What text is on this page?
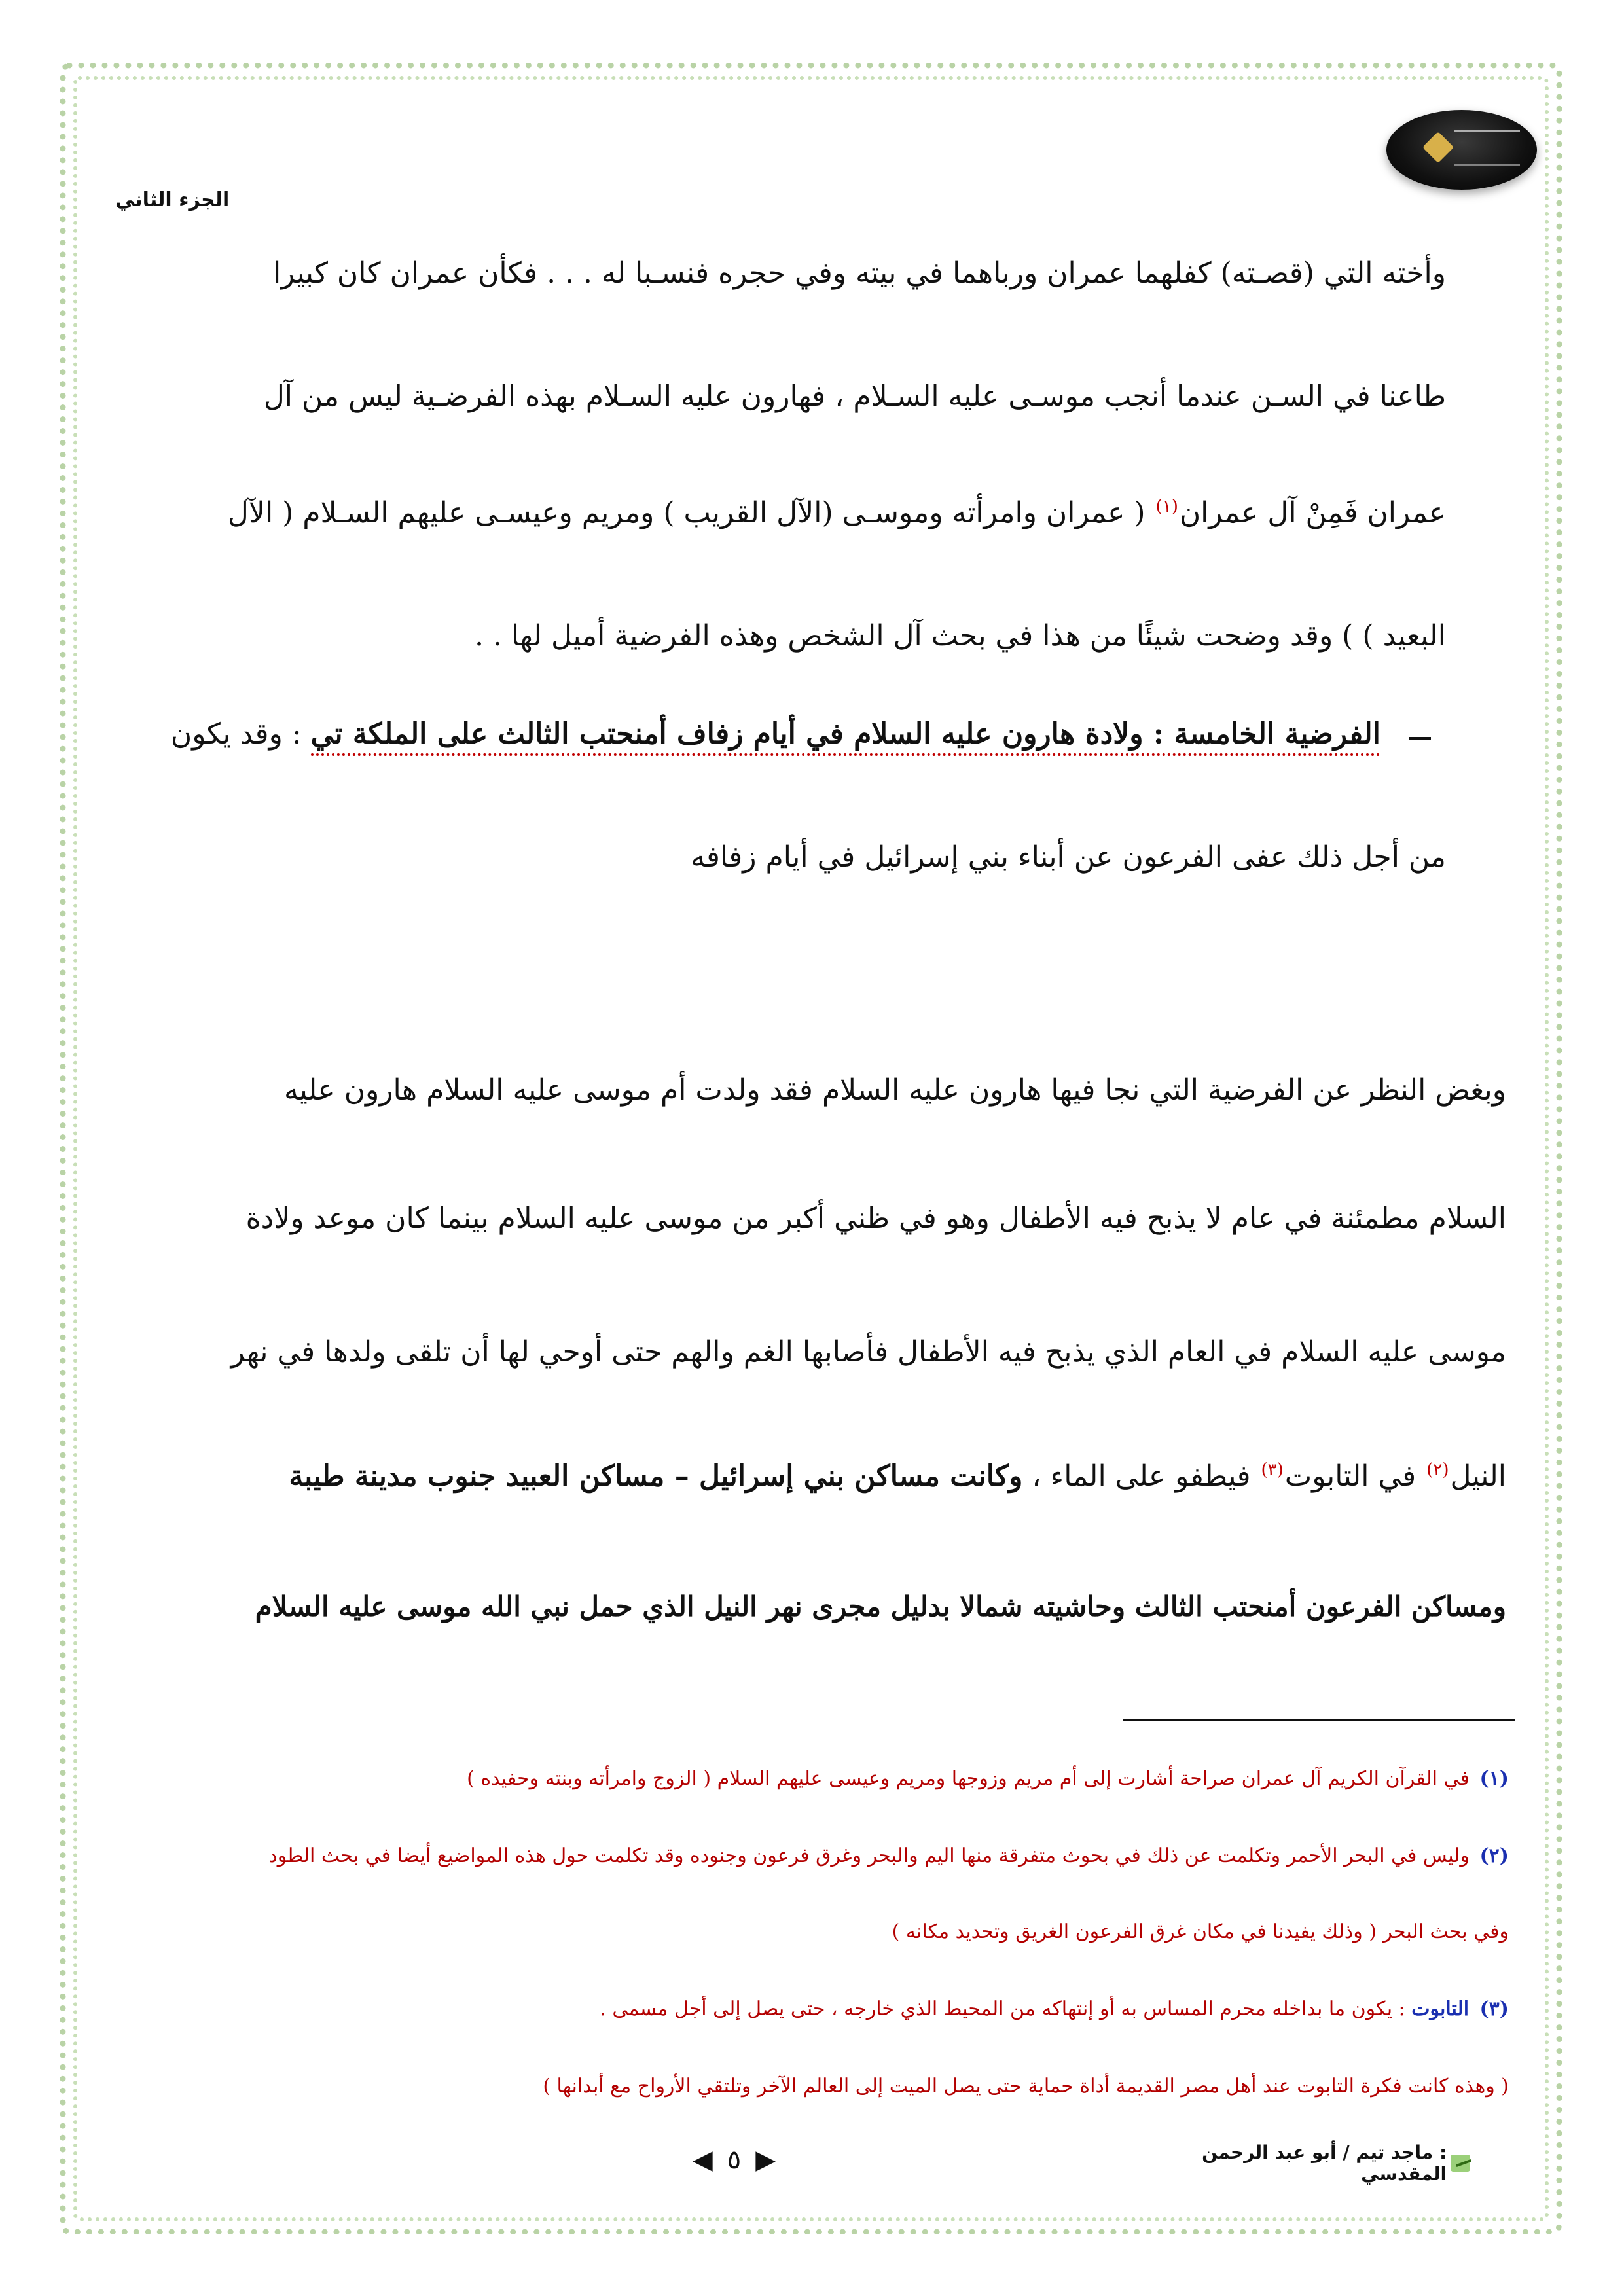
الجزء الثاني
وأخته التي (قصـته) كفلهما عمران ورباهما في بيته وفي حجره فنسـبا له . . . فكأن عمران كان كبيرا
طاعنا في السـن عندما أنجب موسـى عليه السـلام ، فهارون عليه السـلام بهذه الفرضـية ليس من آل
عمران فَمِنْ آل عمران$^{(١)}$ ( عمران وامرأته وموسـى (الآل القريب ) ومريم وعيسـى عليهم السـلام ( الآل
البعيد ) ) وقد وضحت شيئًا من هذا في بحث آل الشخص وهذه الفرضية أميل لها . .
الفرضية الخامسة : ولادة هارون عليه السلام في أيام زفاف أمنحتب الثالث على الملكة تي : وقد يكون
من أجل ذلك عفى الفرعون عن أبناء بني إسرائيل في أيام زفافه
وبغض النظر عن الفرضية التي نجا فيها هارون عليه السلام فقد ولدت أم موسى عليه السلام هارون عليه
السلام مطمئنة في عام لا يذبح فيه الأطفال وهو في ظني أكبر من موسى عليه السلام بينما كان موعد ولادة
موسى عليه السلام في العام الذي يذبح فيه الأطفال فأصابها الغم والهم حتى أوحي لها أن تلقى ولدها في نهر
النيل$^{(٢)}$ في التابوت$^{(٣)}$ فيطفو على الماء ، وكانت مساكن بني إسرائيل – مساكن العبيد جنوب مدينة طيبة
ومساكن الفرعون أمنحتب الثالث وحاشيته شمالا بدليل مجرى نهر النيل الذي حمل نبي الله موسى عليه السلام
(١) في القرآن الكريم آل عمران صراحة أشارت إلى أم مريم وزوجها ومريم وعيسى عليهم السلام ( الزوج وامرأته وبنته وحفيده )
(٢) وليس في البحر الأحمر وتكلمت عن ذلك في بحوث متفرقة منها اليم والبحر وغرق فرعون وجنوده وقد تكلمت حول هذه المواضيع أيضا في بحث الطود
وفي بحث البحر ( وذلك يفيدنا في مكان غرق الفرعون الغريق وتحديد مكانه )
(٣) التابوت : يكون ما بداخله محرم المساس به أو إنتهاكه من المحيط الذي خارجه ، حتى يصل إلى أجل مسمى .
( وهذه كانت فكرة التابوت عند أهل مصر القديمة أداة حماية حتى يصل الميت إلى العالم الآخر وتلتقي الأرواح مع أبدانها )
◀ ٥ ▶	: ماجد تيم / أبو عبد الرحمن المقدسي
